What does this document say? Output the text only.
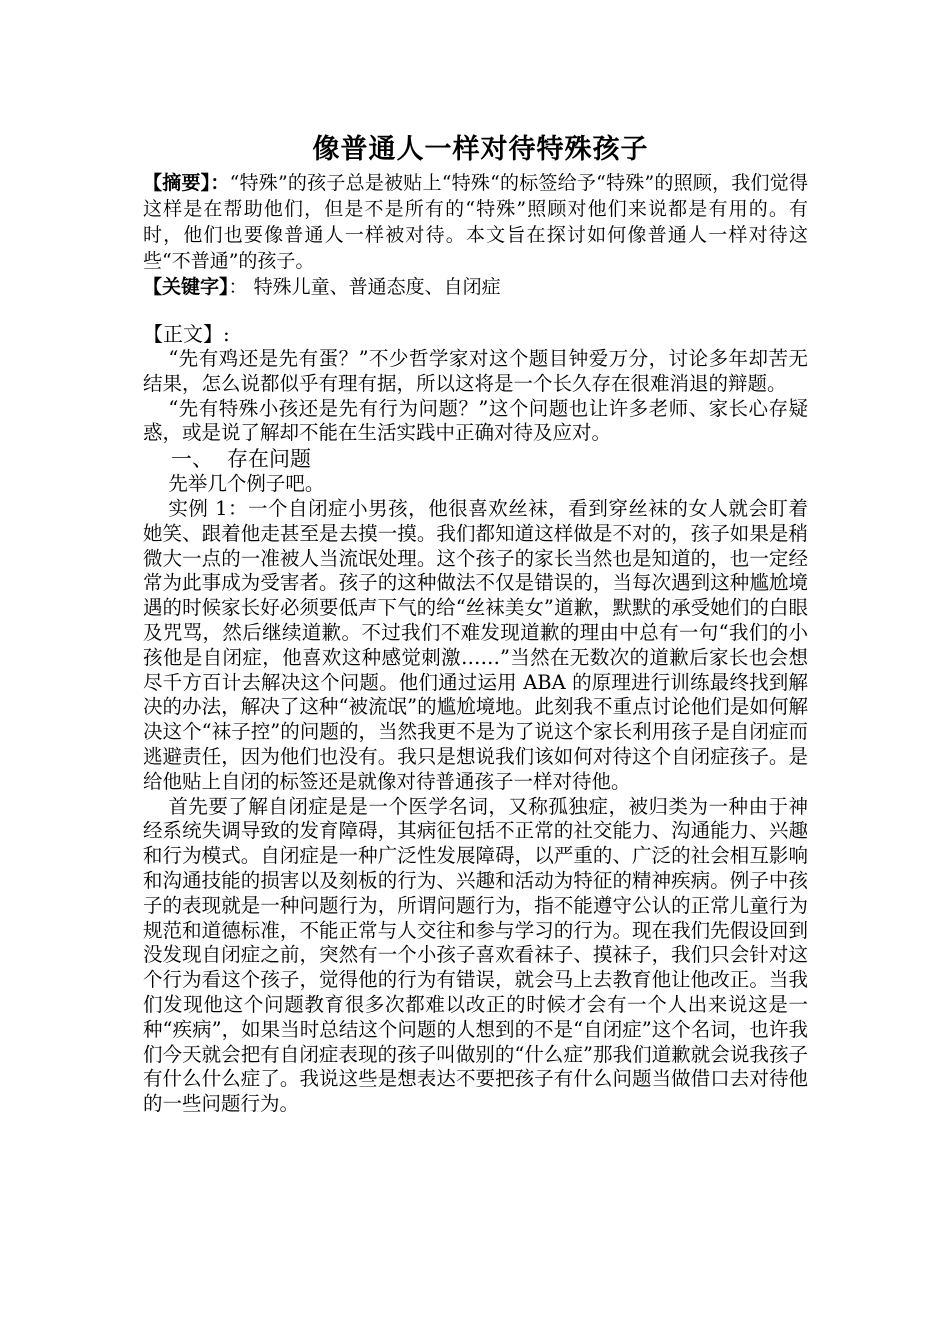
像普通人一样对待特殊孩子

【摘要】：“特殊”的孩子总是被贴上“特殊“的标签给予“特殊”的照顾，我们觉得这样是在帮助他们，但是不是所有的“特殊”照顾对他们来说都是有用的。有时，他们也要像普通人一样被对待。本文旨在探讨如何像普通人一样对待这些“不普通”的孩子。

【关键字】： 特殊儿童、普通态度、自闭症

【正文】:

“先有鸡还是先有蛋？”不少哲学家对这个题目钟爱万分，讨论多年却苦无结果，怎么说都似乎有理有据，所以这将是一个长久存在很难消退的辩题。

“先有特殊小孩还是先有行为问题？”这个问题也让许多老师、家长心存疑惑，或是说了解却不能在生活实践中正确对待及应对。

一、 存在问题

先举几个例子吧。

实例 1：一个自闭症小男孩，他很喜欢丝袜，看到穿丝袜的女人就会盯着她笑、跟着他走甚至是去摸一摸。我们都知道这样做是不对的，孩子如果是稍微大一点的一准被人当流氓处理。这个孩子的家长当然也是知道的，也一定经常为此事成为受害者。孩子的这种做法不仅是错误的，当每次遇到这种尴尬境遇的时候家长好必须要低声下气的给“丝袜美女”道歉，默默的承受她们的白眼及咒骂，然后继续道歉。不过我们不难发现道歉的理由中总有一句“我们的小孩他是自闭症，他喜欢这种感觉刺激……”当然在无数次的道歉后家长也会想尽千方百计去解决这个问题。他们通过运用 ABA 的原理进行训练最终找到解决的办法，解决了这种“被流氓”的尴尬境地。此刻我不重点讨论他们是如何解决这个“袜子控”的问题的，当然我更不是为了说这个家长利用孩子是自闭症而逃避责任，因为他们也没有。我只是想说我们该如何对待这个自闭症孩子。是给他贴上自闭的标签还是就像对待普通孩子一样对待他。

首先要了解自闭症是是一个医学名词，又称孤独症，被归类为一种由于神经系统失调导致的发育障碍，其病征包括不正常的社交能力、沟通能力、兴趣和行为模式。自闭症是一种广泛性发展障碍，以严重的、广泛的社会相互影响和沟通技能的损害以及刻板的行为、兴趣和活动为特征的精神疾病。例子中孩子的表现就是一种问题行为，所谓问题行为，指不能遵守公认的正常儿童行为规范和道德标准，不能正常与人交往和参与学习的行为。现在我们先假设回到没发现自闭症之前，突然有一个小孩子喜欢看袜子、摸袜子，我们只会针对这个行为看这个孩子，觉得他的行为有错误，就会马上去教育他让他改正。当我们发现他这个问题教育很多次都难以改正的时候才会有一个人出来说这是一种“疾病”，如果当时总结这个问题的人想到的不是“自闭症”这个名词，也许我们今天就会把有自闭症表现的孩子叫做别的“什么症”那我们道歉就会说我孩子有什么什么症了。我说这些是想表达不要把孩子有什么问题当做借口去对待他的一些问题行为。
